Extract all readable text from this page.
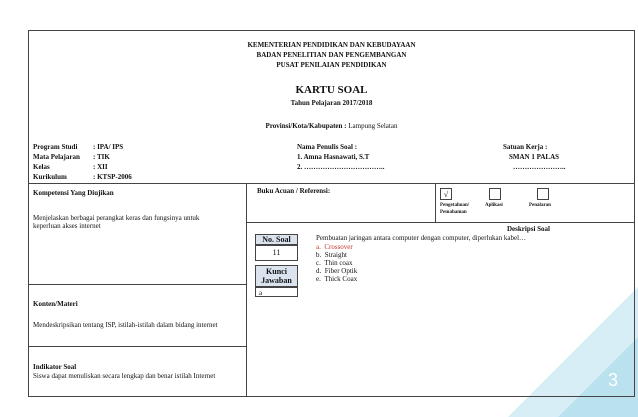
3
KEMENTERIAN PENDIDIKAN DAN KEBUDAYAAN
BADAN PENELITIAN DAN PENGEMBANGAN
PUSAT PENILAIAN PENDIDIKAN
KARTU SOAL
Tahun Pelajaran 2017/2018
Provinsi/Kota/Kabupaten : Lampung Selatan
Program Studi : IPA/ IPS
Mata Pelajaran : TIK
Kelas	: XII
Kurikulum	: KTSP-2006
Nama Penulis Soal :
1. Amna Hasnawati, S.T
2. ……………………………..
Satuan Kerja :
SMAN 1 PALAS
…………………..
Kompetensi Yang Diujikan
Menjelaskan berbagai perangkat keras dan fungsinya untuk
keperluan akses internet
Buku Acuan / Referensi:	√
Pengetahuan/
Pemahaman
Aplikasi	Penalaran
Deskripsi Soal
Pembuatan jaringan antara computer dengan computer, diperlukan kabel…
a. Crossover
b. Straight
c. Thin coax
d. Fiber Optik
e. Thick Coax
No. Soal
11
Kunci
Jawaban
a
Konten/Materi
Mendeskripsikan tentang ISP, istilah-istilah dalam bidang internet
Indikator Soal
Siswa dapat menuliskan secara lengkap dan benar istilah Internet
